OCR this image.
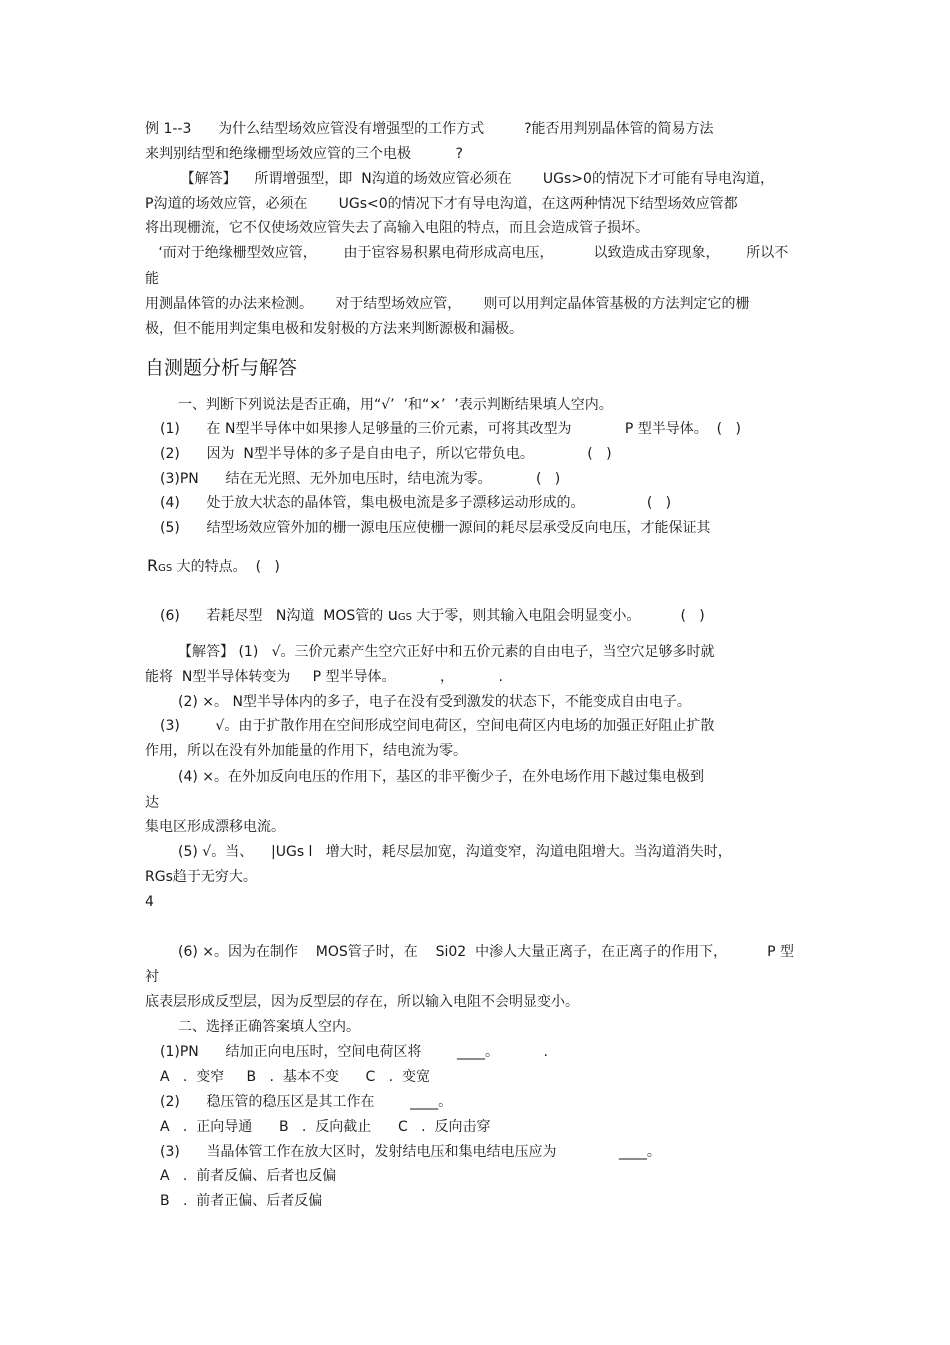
例 1--3      为什么结型场效应管没有增强型的工作方式         ?能否用判别晶体管的简易方法
来判别结型和绝缘栅型场效应管的三个电极          ?
【解答】    所谓增强型，即  N沟道的场效应管必须在       UGs>0的情况下才可能有导电沟道，
P沟道的场效应管，必须在       UGs<0的情况下才有导电沟道，在这两种情况下结型场效应管都
将出现栅流，它不仅使场效应管失去了高输入电阻的特点，而且会造成管子损坏。
‘而对于绝缘栅型效应管，      由于宦容易积累电荷形成高电压，         以致造成击穿现象，      所以不
能
用测晶体管的办法来检测。     对于结型场效应管，     则可以用判定晶体管基极的方法判定它的栅
极，但不能用判定集电极和发射极的方法来判断源极和漏极。
自测题分析与解答
一、判断下列说法是否正确，用“√’  ’和“×’  ’表示判断结果填人空内。
(1)      在 N型半导体中如果掺人足够量的三价元素，可将其改型为            P 型半导体。  (   )
(2)      因为  N型半导体的多子是自由电子，所以它带负电。            (   )
(3)PN      结在无光照、无外加电压时，结电流为零。          (   )
(4)      处于放大状态的晶体管，集电极电流是多子漂移运动形成的。              (   )
(5)      结型场效应管外加的栅一源电压应使栅一源间的耗尽层承受反向电压，才能保证其
RGS 大的特点。  (   )
(6)      若耗尽型   N沟道  MOS管的 uGS 大于零，则其输入电阻会明显变小。         (   )
【解答】 (1)   √。三价元素产生空穴正好中和五价元素的自由电子，当空穴足够多时就
能将  N型半导体转变为     P 型半导体。          ，          .
(2) ×。 N型半导体内的多子，电子在没有受到激发的状态下，不能变成自由电子。
(3)        √。由于扩散作用在空间形成空间电荷区，空间电荷区内电场的加强正好阻止扩散
作用，所以在没有外加能量的作用下，结电流为零。
(4) ×。在外加反向电压的作用下，基区的非平衡少子，在外电场作用下越过集电极到
达
集电区形成漂移电流。
(5) √。当、    |UGs l   增大时，耗尽层加宽，沟道变窄，沟道电阻增大。当沟道消失时，
RGs趋于无穷大。
4
(6) ×。因为在制作    MOS管子时，在    Si02  中渗人大量正离子，在正离子的作用下，         P 型
衬
底表层形成反型层，因为反型层的存在，所以输入电阻不会明显变小。
二、选择正确答案填人空内。
(1)PN      结加正向电压时，空间电荷区将        ____。          .
A   .  变窄     B   .  基本不变      C   .  变宽
(2)      稳压管的稳压区是其工作在        ____。
A   .  正向导通      B   .  反向截止      C   .  反向击穿
(3)      当晶体管工作在放大区时，发射结电压和集电结电压应为              ____。
A   .  前者反偏、后者也反偏
B   .  前者正偏、后者反偏
